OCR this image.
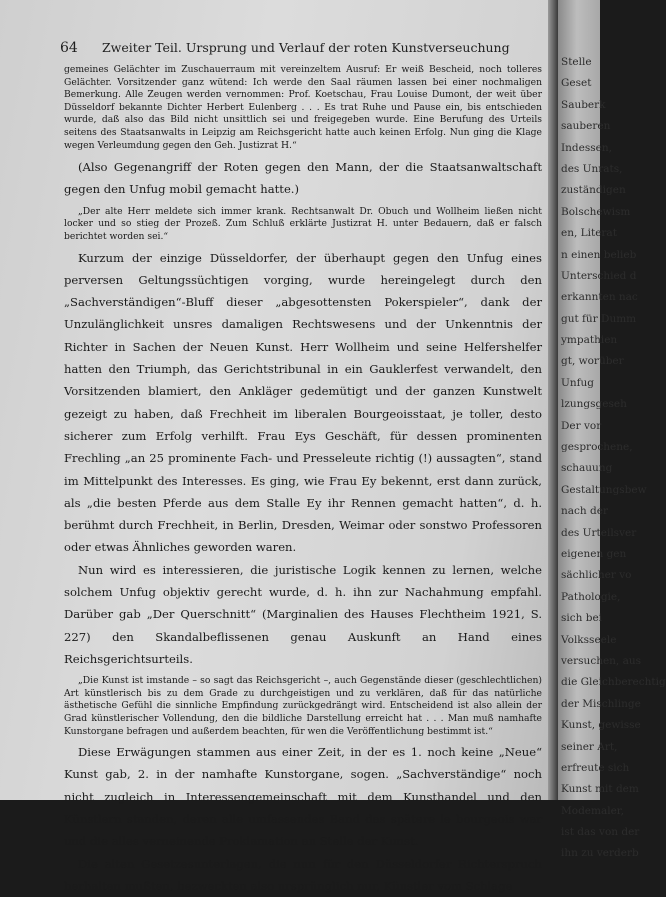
64 Zweiter Teil. Ursprung und Verlauf der roten Kunstverseuchung

gemeines Gelächter im Zuschauerraum mit vereinzeltem Ausruf: Er weiß Bescheid, noch tolleres Gelächter. Vorsitzender ganz wütend: Ich werde den Saal räumen lassen bei einer nochmaligen Bemerkung. Alle Zeugen werden vernommen: Prof. Koetschau, Frau Louise Dumont, der weit über Düsseldorf bekannte Dichter Herbert Eulenberg . . . Es trat Ruhe und Pause ein, bis entschieden wurde, daß also das Bild nicht unsittlich sei und freigegeben wurde. Eine Berufung des Urteils seitens des Staatsanwalts in Leipzig am Reichsgericht hatte auch keinen Erfolg. Nun ging die Klage wegen Verleumdung gegen den Geh. Justizrat H.“

(Also Gegenangriff der Roten gegen den Mann, der die Staatsanwaltschaft gegen den Unfug mobil gemacht hatte.)

„Der alte Herr meldete sich immer krank. Rechtsanwalt Dr. Obuch und Wollheim ließen nicht locker und so stieg der Prozeß. Zum Schluß erklärte Justizrat H. unter Bedauern, daß er falsch berichtet worden sei.“

Kurzum der einzige Düsseldorfer, der überhaupt gegen den Unfug eines perversen Geltungssüchtigen vorging, wurde hereingelegt durch den „Sachverständigen“-Bluff dieser „abgesottensten Pokerspieler“, dank der Unzulänglichkeit unsres damaligen Rechtswesens und der Unkenntnis der Richter in Sachen der Neuen Kunst. Herr Wollheim und seine Helfershelfer hatten den Triumph, das Gerichtstribunal in ein Gauklerfest verwandelt, den Vorsitzenden blamiert, den Ankläger gedemütigt und der ganzen Kunstwelt gezeigt zu haben, daß Frechheit im liberalen Bourgeoisstaat, je toller, desto sicherer zum Erfolg verhilft. Frau Eys Geschäft, für dessen prominenten Frechling „an 25 prominente Fach- und Presseleute richtig (!) aussagten“, stand im Mittelpunkt des Interesses. Es ging, wie Frau Ey bekennt, erst dann zurück, als „die besten Pferde aus dem Stalle Ey ihr Rennen gemacht hatten“, d. h. berühmt durch Frechheit, in Berlin, Dresden, Weimar oder sonstwo Professoren oder etwas Ähnliches geworden waren.

Nun wird es interessieren, die juristische Logik kennen zu lernen, welche solchem Unfug objektiv gerecht wurde, d. h. ihn zur Nachahmung empfahl. Darüber gab „Der Querschnitt“ (Marginalien des Hauses Flechtheim 1921, S. 227) den Skandalbeflissenen genau Auskunft an Hand eines Reichsgerichtsurteils.

„Die Kunst ist imstande – so sagt das Reichsgericht –, auch Gegenstände dieser (geschlechtlichen) Art künstlerisch bis zu dem Grade zu durchgeistigen und zu verklären, daß für das natürliche ästhetische Gefühl die sinnliche Empfindung zurückgedrängt wird. Entscheidend ist also allein der Grad künstlerischer Vollendung, den die bildliche Darstellung erreicht hat . . . Man muß namhafte Kunstorgane befragen und außerdem beachten, für wen die Veröffentlichung bestimmt ist.“

Diese Erwägungen stammen aus einer Zeit, in der es 1. noch keine „Neue“ Kunst gab, 2. in der namhafte Kunstorgane, sogen. „Sachverständige“ noch nicht zugleich in Interessengemeinschaft mit dem Kunsthandel und den Künstlern standen, deren alle umfassendes Band das spätere le bourgeois war und die alles verneinende Proklamation an Stelle der Kunst.

Die alten Gesetzesunterlagen, die nun für den Düsseldorfer Richterspruch herhalten mußten, bezweckten also ursprünglich nur, Künstler vom Schlage

Stelle
Geset
Sauberk
sauberen
Indessen,
des Unrats,
zuständigen
Bolschewism
en, Literat
n einen belieb
Unterschied d
erkannten nac
gut für Dumm
ympathien
gt, worüber
Unfug
lzungsgeseh
Der vor
gesprochene,
schauung
Gestaltungsbew
nach der
des Urteilsver
eigenen gen
sächlicher vo
Pathologie,
sich bei
Volksseele
versuchen, aus
die Gleichberechtig
der Mischlinge
Kunst, gewisse
seiner Art,
erfreute sich
Kunst mit dem
Modemaler,
ist das von der
ihn zu verderb
